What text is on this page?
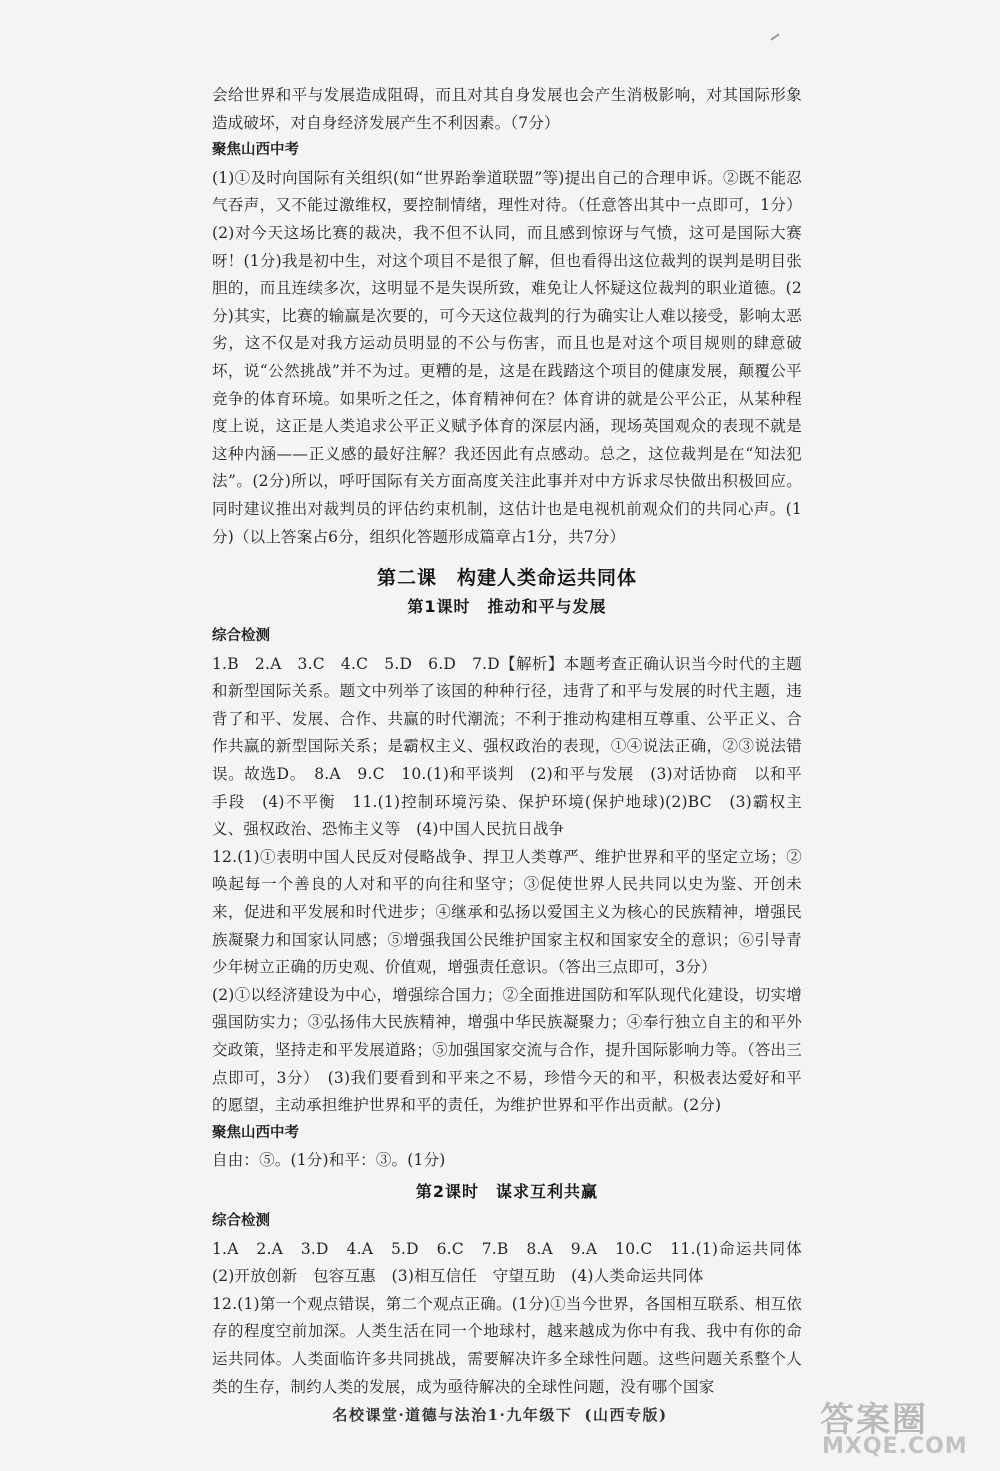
会给世界和平与发展造成阻碍，而且对其自身发展也会产生消极影响，对其国际形象造成破坏，对自身经济发展产生不利因素。（7分）

聚焦山西中考

(1)①及时向国际有关组织(如“世界跆拳道联盟”等)提出自己的合理申诉。②既不能忍气吞声，又不能过激维权，要控制情绪，理性对待。（任意答出其中一点即可，1分） (2)对今天这场比赛的裁决，我不但不认同，而且感到惊讶与气愤，这可是国际大赛呀！(1分)我是初中生，对这个项目不是很了解，但也看得出这位裁判的误判是明目张胆的，而且连续多次，这明显不是失误所致，难免让人怀疑这位裁判的职业道德。(2分)其实，比赛的输赢是次要的，可今天这位裁判的行为确实让人难以接受，影响太恶劣，这不仅是对我方运动员明显的不公与伤害，而且也是对这个项目规则的肆意破坏，说“公然挑战”并不为过。更糟的是，这是在践踏这个项目的健康发展，颠覆公平竞争的体育环境。如果听之任之，体育精神何在？体育讲的就是公平公正，从某种程度上说，这正是人类追求公平正义赋予体育的深层内涵，现场英国观众的表现不就是这种内涵——正义感的最好注解？我还因此有点感动。总之，这位裁判是在“知法犯法”。(2分)所以，呼吁国际有关方面高度关注此事并对中方诉求尽快做出积极回应。同时建议推出对裁判员的评估约束机制，这估计也是电视机前观众们的共同心声。(1分)（以上答案占6分，组织化答题形成篇章占1分，共7分）

第二课　构建人类命运共同体
第1课时　推动和平与发展

综合检测

1.B　2.A　3.C　4.C　5.D　6.D　7.D【解析】本题考查正确认识当今时代的主题和新型国际关系。题文中列举了该国的种种行径，违背了和平与发展的时代主题，违背了和平、发展、合作、共赢的时代潮流；不利于推动构建相互尊重、公平正义、合作共赢的新型国际关系；是霸权主义、强权政治的表现，①④说法正确，②③说法错误。故选D。　8.A　9.C　10.(1)和平谈判　(2)和平与发展　(3)对话协商　以和平手段　(4)不平衡　11.(1)控制环境污染、保护环境(保护地球)(2)BC　(3)霸权主义、强权政治、恐怖主义等　(4)中国人民抗日战争

12.(1)①表明中国人民反对侵略战争、捍卫人类尊严、维护世界和平的坚定立场；②唤起每一个善良的人对和平的向往和坚守；③促使世界人民共同以史为鉴、开创未来，促进和平发展和时代进步；④继承和弘扬以爱国主义为核心的民族精神，增强民族凝聚力和国家认同感；⑤增强我国公民维护国家主权和国家安全的意识；⑥引导青少年树立正确的历史观、价值观，增强责任意识。（答出三点即可，3分）

(2)①以经济建设为中心，增强综合国力；②全面推进国防和军队现代化建设，切实增强国防实力；③弘扬伟大民族精神，增强中华民族凝聚力；④奉行独立自主的和平外交政策，坚持走和平发展道路；⑤加强国家交流与合作，提升国际影响力等。（答出三点即可，3分）　(3)我们要看到和平来之不易，珍惜今天的和平，积极表达爱好和平的愿望，主动承担维护世界和平的责任，为维护世界和平作出贡献。(2分)

聚焦山西中考

自由：⑤。(1分)和平：③。(1分)

第2课时　谋求互利共赢

综合检测

1.A　2.A　3.D　4.A　5.D　6.C　7.B　8.A　9.A　10.C　11.(1)命运共同体　(2)开放创新　包容互惠　(3)相互信任　守望互助　(4)人类命运共同体

12.(1)第一个观点错误，第二个观点正确。(1分)①当今世界，各国相互联系、相互依存的程度空前加深。人类生活在同一个地球村，越来越成为你中有我、我中有你的命运共同体。人类面临许多共同挑战，需要解决许多全球性问题。这些问题关系整个人类的生存，制约人类的发展，成为亟待解决的全球性问题，没有哪个国家

名校课堂·道德与法治1·九年级下 (山西专版)	答案圈
MXQE.COM
